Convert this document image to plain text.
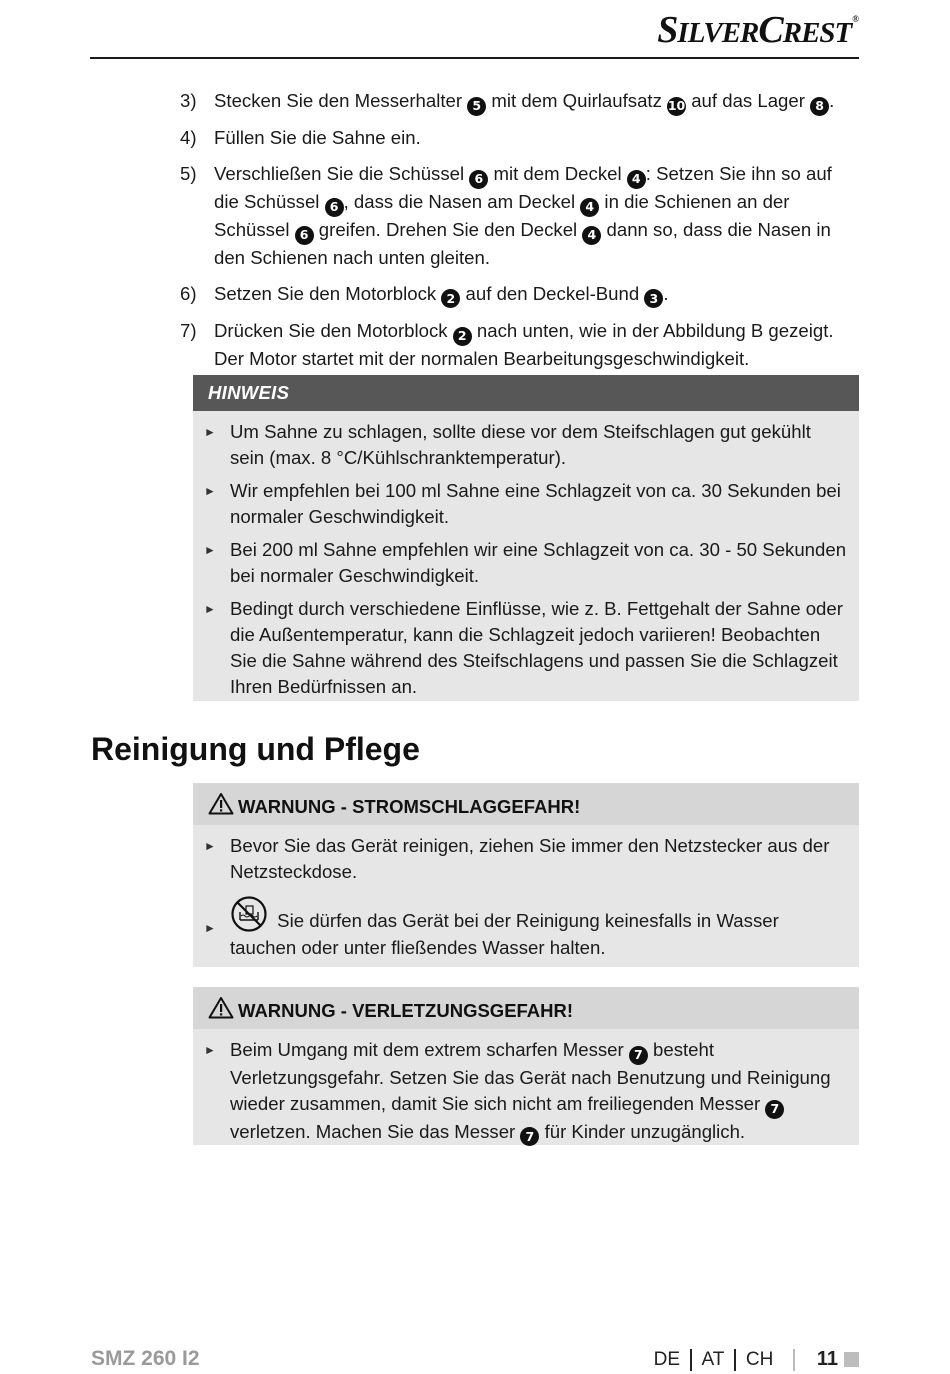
SILVERCREST®
3) Stecken Sie den Messerhalter 5 mit dem Quirlaufsatz 10 auf das Lager 8 .
4) Füllen Sie die Sahne ein.
5) Verschließen Sie die Schüssel 6 mit dem Deckel 4 : Setzen Sie ihn so auf die Schüssel 6 , dass die Nasen am Deckel 4 in die Schienen an der Schüssel 6 greifen. Drehen Sie den Deckel 4 dann so, dass die Nasen in den Schienen nach unten gleiten.
6) Setzen Sie den Motorblock 2 auf den Deckel-Bund 3 .
7) Drücken Sie den Motorblock 2 nach unten, wie in der Abbildung B gezeigt. Der Motor startet mit der normalen Bearbeitungsgeschwindigkeit.
HINWEIS
► Um Sahne zu schlagen, sollte diese vor dem Steifschlagen gut gekühlt sein (max. 8 °C/Kühlschranktemperatur).
► Wir empfehlen bei 100 ml Sahne eine Schlagzeit von ca. 30 Sekunden bei normaler Geschwindigkeit.
► Bei 200 ml Sahne empfehlen wir eine Schlagzeit von ca. 30 - 50 Sekunden bei normaler Geschwindigkeit.
► Bedingt durch verschiedene Einflüsse, wie z. B. Fettgehalt der Sahne oder die Außentemperatur, kann die Schlagzeit jedoch variieren! Beobachten Sie die Sahne während des Steifschlagens und passen Sie die Schlagzeit Ihren Bedürfnissen an.
Reinigung und Pflege
WARNUNG - STROMSCHLAGGEFAHR!
► Bevor Sie das Gerät reinigen, ziehen Sie immer den Netzstecker aus der Netzsteckdose.
►	Sie dürfen das Gerät bei der Reinigung keinesfalls in Wasser tauchen oder unter fließendes Wasser halten.
WARNUNG - VERLETZUNGSGEFAHR!
► Beim Umgang mit dem extrem scharfen Messer 7 besteht Verletzungsgefahr. Setzen Sie das Gerät nach Benutzung und Reinigung wieder zusammen, damit Sie sich nicht am freiliegenden Messer 7 verletzen. Machen Sie das Messer 7 für Kinder unzugänglich.
SMZ 260 I2	DE AT CH 11
